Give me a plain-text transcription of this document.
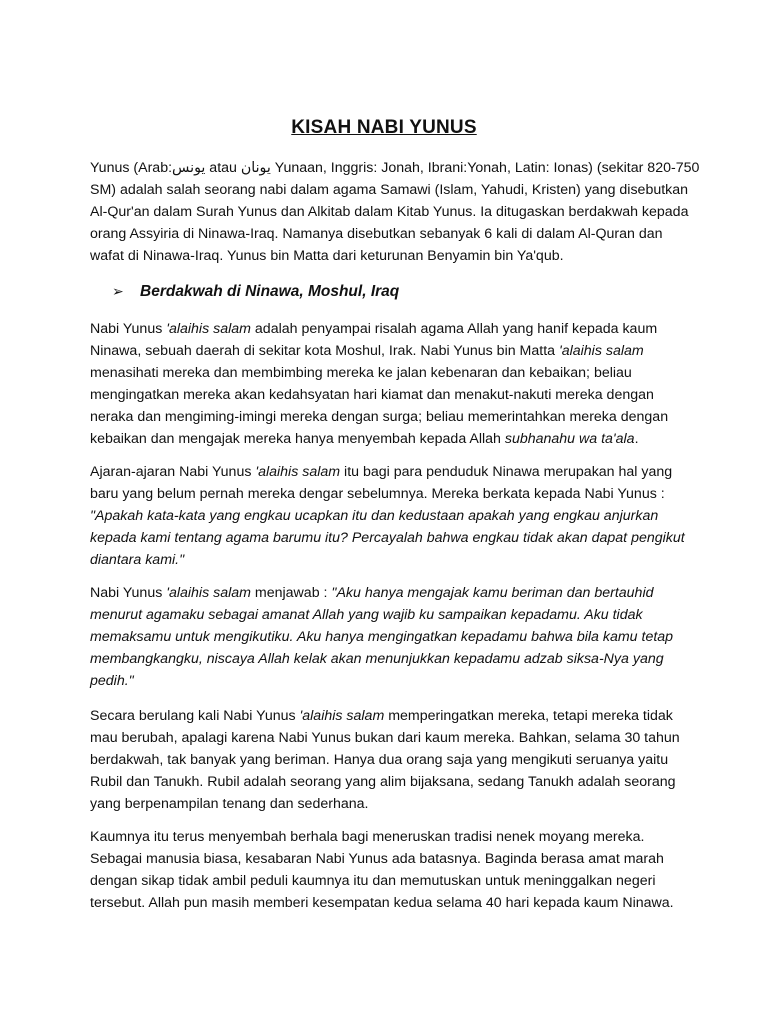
KISAH NABI YUNUS
Yunus (Arab:يونس atau يونان Yunaan, Inggris: Jonah, Ibrani:Yonah, Latin: Ionas) (sekitar 820-750
SM) adalah salah seorang nabi dalam agama Samawi (Islam, Yahudi, Kristen) yang disebutkan
Al-Qur'an dalam Surah Yunus dan Alkitab dalam Kitab Yunus. Ia ditugaskan berdakwah kepada
orang Assyiria di Ninawa-Iraq. Namanya disebutkan sebanyak 6 kali di dalam Al-Quran dan
wafat di Ninawa-Iraq. Yunus bin Matta dari keturunan Benyamin bin Ya'qub.
➢ Berdakwah di Ninawa, Moshul, Iraq
Nabi Yunus 'alaihis salam adalah penyampai risalah agama Allah yang hanif kepada kaum
Ninawa, sebuah daerah di sekitar kota Moshul, Irak. Nabi Yunus bin Matta 'alaihis salam
menasihati mereka dan membimbing mereka ke jalan kebenaran dan kebaikan; beliau
mengingatkan mereka akan kedahsyatan hari kiamat dan menakut-nakuti mereka dengan
neraka dan mengiming-imingi mereka dengan surga; beliau memerintahkan mereka dengan
kebaikan dan mengajak mereka hanya menyembah kepada Allah subhanahu wa ta'ala.
Ajaran-ajaran Nabi Yunus 'alaihis salam itu bagi para penduduk Ninawa merupakan hal yang
baru yang belum pernah mereka dengar sebelumnya. Mereka berkata kepada Nabi Yunus :
"Apakah kata-kata yang engkau ucapkan itu dan kedustaan apakah yang engkau anjurkan
kepada kami tentang agama barumu itu? Percayalah bahwa engkau tidak akan dapat pengikut
diantara kami."
Nabi Yunus 'alaihis salam menjawab : "Aku hanya mengajak kamu beriman dan bertauhid
menurut agamaku sebagai amanat Allah yang wajib ku sampaikan kepadamu. Aku tidak
memaksamu untuk mengikutiku. Aku hanya mengingatkan kepadamu bahwa bila kamu tetap
membangkangku, niscaya Allah kelak akan menunjukkan kepadamu adzab siksa-Nya yang
pedih."
Secara berulang kali Nabi Yunus 'alaihis salam memperingatkan mereka, tetapi mereka tidak
mau berubah, apalagi karena Nabi Yunus bukan dari kaum mereka. Bahkan, selama 30 tahun
berdakwah, tak banyak yang beriman. Hanya dua orang saja yang mengikuti seruanya yaitu
Rubil dan Tanukh. Rubil adalah seorang yang alim bijaksana, sedang Tanukh adalah seorang
yang berpenampilan tenang dan sederhana.
Kaumnya itu terus menyembah berhala bagi meneruskan tradisi nenek moyang mereka.
Sebagai manusia biasa, kesabaran Nabi Yunus ada batasnya. Baginda berasa amat marah
dengan sikap tidak ambil peduli kaumnya itu dan memutuskan untuk meninggalkan negeri
tersebut. Allah pun masih memberi kesempatan kedua selama 40 hari kepada kaum Ninawa.
